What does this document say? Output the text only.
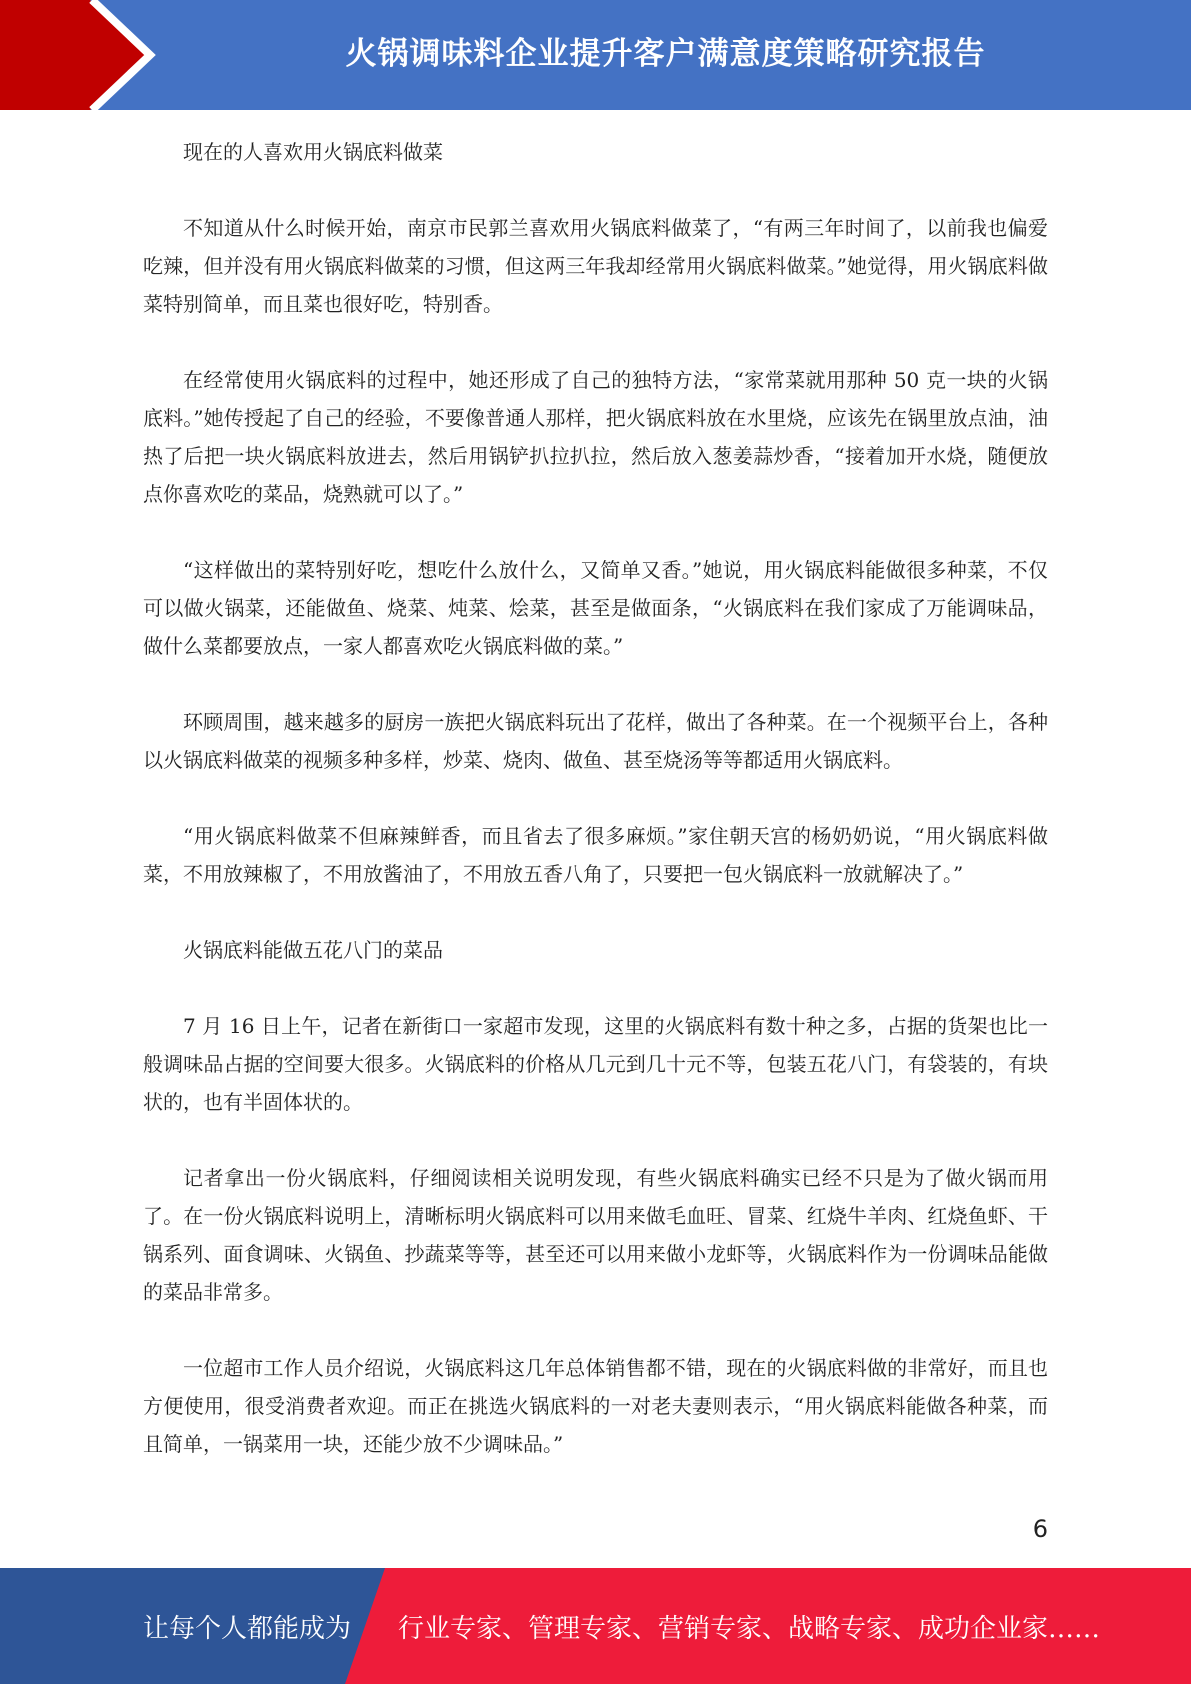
火锅调味料企业提升客户满意度策略研究报告

现在的人喜欢用火锅底料做菜

不知道从什么时候开始，南京市民郭兰喜欢用火锅底料做菜了，“有两三年时间了，以前我也偏爱吃辣，但并没有用火锅底料做菜的习惯，但这两三年我却经常用火锅底料做菜。”她觉得，用火锅底料做菜特别简单，而且菜也很好吃，特别香。

在经常使用火锅底料的过程中，她还形成了自己的独特方法，“家常菜就用那种 50 克一块的火锅底料。”她传授起了自己的经验，不要像普通人那样，把火锅底料放在水里烧，应该先在锅里放点油，油热了后把一块火锅底料放进去，然后用锅铲扒拉扒拉，然后放入葱姜蒜炒香，“接着加开水烧，随便放点你喜欢吃的菜品，烧熟就可以了。”

“这样做出的菜特别好吃，想吃什么放什么，又简单又香。”她说，用火锅底料能做很多种菜，不仅可以做火锅菜，还能做鱼、烧菜、炖菜、烩菜，甚至是做面条，“火锅底料在我们家成了万能调味品，做什么菜都要放点，一家人都喜欢吃火锅底料做的菜。”

环顾周围，越来越多的厨房一族把火锅底料玩出了花样，做出了各种菜。在一个视频平台上，各种以火锅底料做菜的视频多种多样，炒菜、烧肉、做鱼、甚至烧汤等等都适用火锅底料。

“用火锅底料做菜不但麻辣鲜香，而且省去了很多麻烦。”家住朝天宫的杨奶奶说，“用火锅底料做菜，不用放辣椒了，不用放酱油了，不用放五香八角了，只要把一包火锅底料一放就解决了。”

火锅底料能做五花八门的菜品

7 月 16 日上午，记者在新街口一家超市发现，这里的火锅底料有数十种之多，占据的货架也比一般调味品占据的空间要大很多。火锅底料的价格从几元到几十元不等，包装五花八门，有袋装的，有块状的，也有半固体状的。

记者拿出一份火锅底料，仔细阅读相关说明发现，有些火锅底料确实已经不只是为了做火锅而用了。在一份火锅底料说明上，清晰标明火锅底料可以用来做毛血旺、冒菜、红烧牛羊肉、红烧鱼虾、干锅系列、面食调味、火锅鱼、抄蔬菜等等，甚至还可以用来做小龙虾等，火锅底料作为一份调味品能做的菜品非常多。

一位超市工作人员介绍说，火锅底料这几年总体销售都不错，现在的火锅底料做的非常好，而且也方便使用，很受消费者欢迎。而正在挑选火锅底料的一对老夫妻则表示，“用火锅底料能做各种菜，而且简单，一锅菜用一块，还能少放不少调味品。”

6
让每个人都能成为 行业专家、管理专家、营销专家、战略专家、成功企业家……
